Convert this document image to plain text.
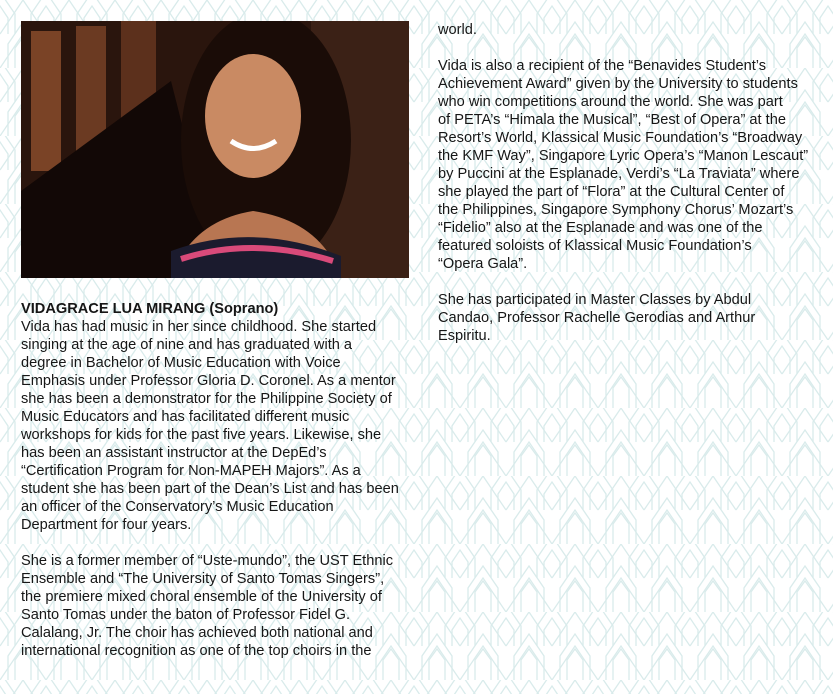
VIDAGRACE LUA MIRANG (Soprano)
Vida has had music in her since childhood. She started
singing at the age of nine and has graduated with a
degree in Bachelor of Music Education with Voice
Emphasis under Professor Gloria D. Coronel. As a mentor
she has been a demonstrator for the Philippine Society of
Music Educators and has facilitated different music
workshops for kids for the past five years. Likewise, she
has been an assistant instructor at the DepEd’s
“Certification Program for Non-MAPEH Majors”. As a
student she has been part of the Dean’s List and has been
an officer of the Conservatory’s Music Education
Department for four years.
She is a former member of “Uste-mundo”, the UST Ethnic
Ensemble and “The University of Santo Tomas Singers”,
the premiere mixed choral ensemble of the University of
Santo Tomas under the baton of Professor Fidel G.
Calalang, Jr. The choir has achieved both national and
international recognition as one of the top choirs in the
world.
Vida is also a recipient of the “Benavides Student’s
Achievement Award” given by the University to students
who win competitions around the world. She was part
of PETA’s “Himala the Musical”, “Best of Opera” at the
Resort’s World, Klassical Music Foundation’s “Broadway
the KMF Way”, Singapore Lyric Opera’s “Manon Lescaut”
by Puccini at the Esplanade, Verdi’s “La Traviata” where
she played the part of “Flora” at the Cultural Center of
the Philippines, Singapore Symphony Chorus’ Mozart’s
“Fidelio” also at the Esplanade and was one of the
featured soloists of Klassical Music Foundation’s
“Opera Gala”.
She has participated in Master Classes by Abdul
Candao, Professor Rachelle Gerodias and Arthur
Espiritu.
